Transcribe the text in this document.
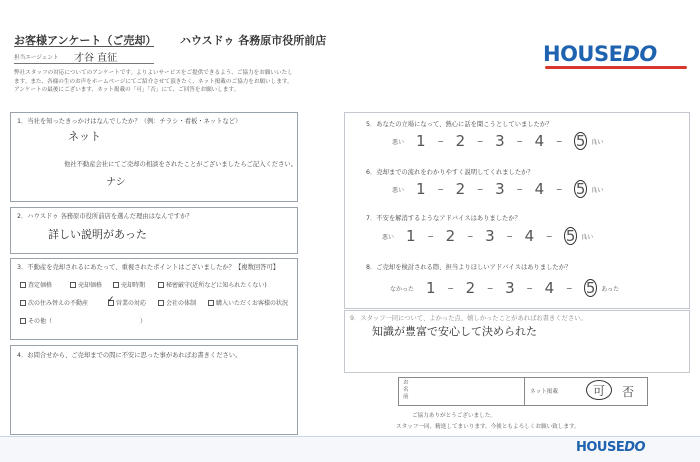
お客様アンケート（ご売却） ハウスドゥ 各務原市役所前店
担当エージェント 才谷 直征
弊社スタッフの対応についてのアンケートです。よりよいサービスをご提供できるよう、ご協力をお願いいたし
ます。また、各様の生のお声をホームページにてご紹介させて頂きたく、ネット掲載のご協力をお願いします。
アンケートの最後にございます、ネット掲載の「可」「否」にて、ご回答をお願いします。
HOUSEDO
1．当社を知ったきっかけはなんでしたか？（例：チラシ・看板・ネットなど）
ネット
他社不動産会社にてご売却の相談をされたことがございましたらご記入ください。
ナシ
2．ハウスドゥ 各務原市役所前店を選んだ理由はなんですか？
詳しい説明があった
3．不動産を売却されるにあたって、重視されたポイントはございましたか？【複数回答可】
査定価格	売却価格	売却時期	秘密厳守(近所などに知られたくない)
次の住み替えの不動産 ✓ 営業の対応	会社の体制	購入いただくお客様の状況
その他（	）
4．お問合せから、ご売却までの間に不安に思った事があればお書きください。
5．あなたの立場になって、熱心に話を聞こうとしていましたか？
悪い 1 – 2 – 3 – 4 – 5 良い
6．売却までの流れをわかりやすく説明してくれましたか？
悪い 1 – 2 – 3 – 4 – 5 良い
7．不安を解消するようなアドバイスはありましたか？
悪い 1 – 2 – 3 – 4 – 5 良い
8．ご売却を検討される際、担当よりほしいアドバイスはありましたか？
なかった 1 – 2 – 3 – 4 – 5 あった
9．スタッフ一同について、よかった点、嬉しかったことがあればお書きください。
知識が豊富で安心して決められた
お
名
前
ネット掲載	可	否
ご協力ありがとうございました。
スタッフ一同、精進してまいります。今後ともよろしくお願い致します。
HOUSEDO
